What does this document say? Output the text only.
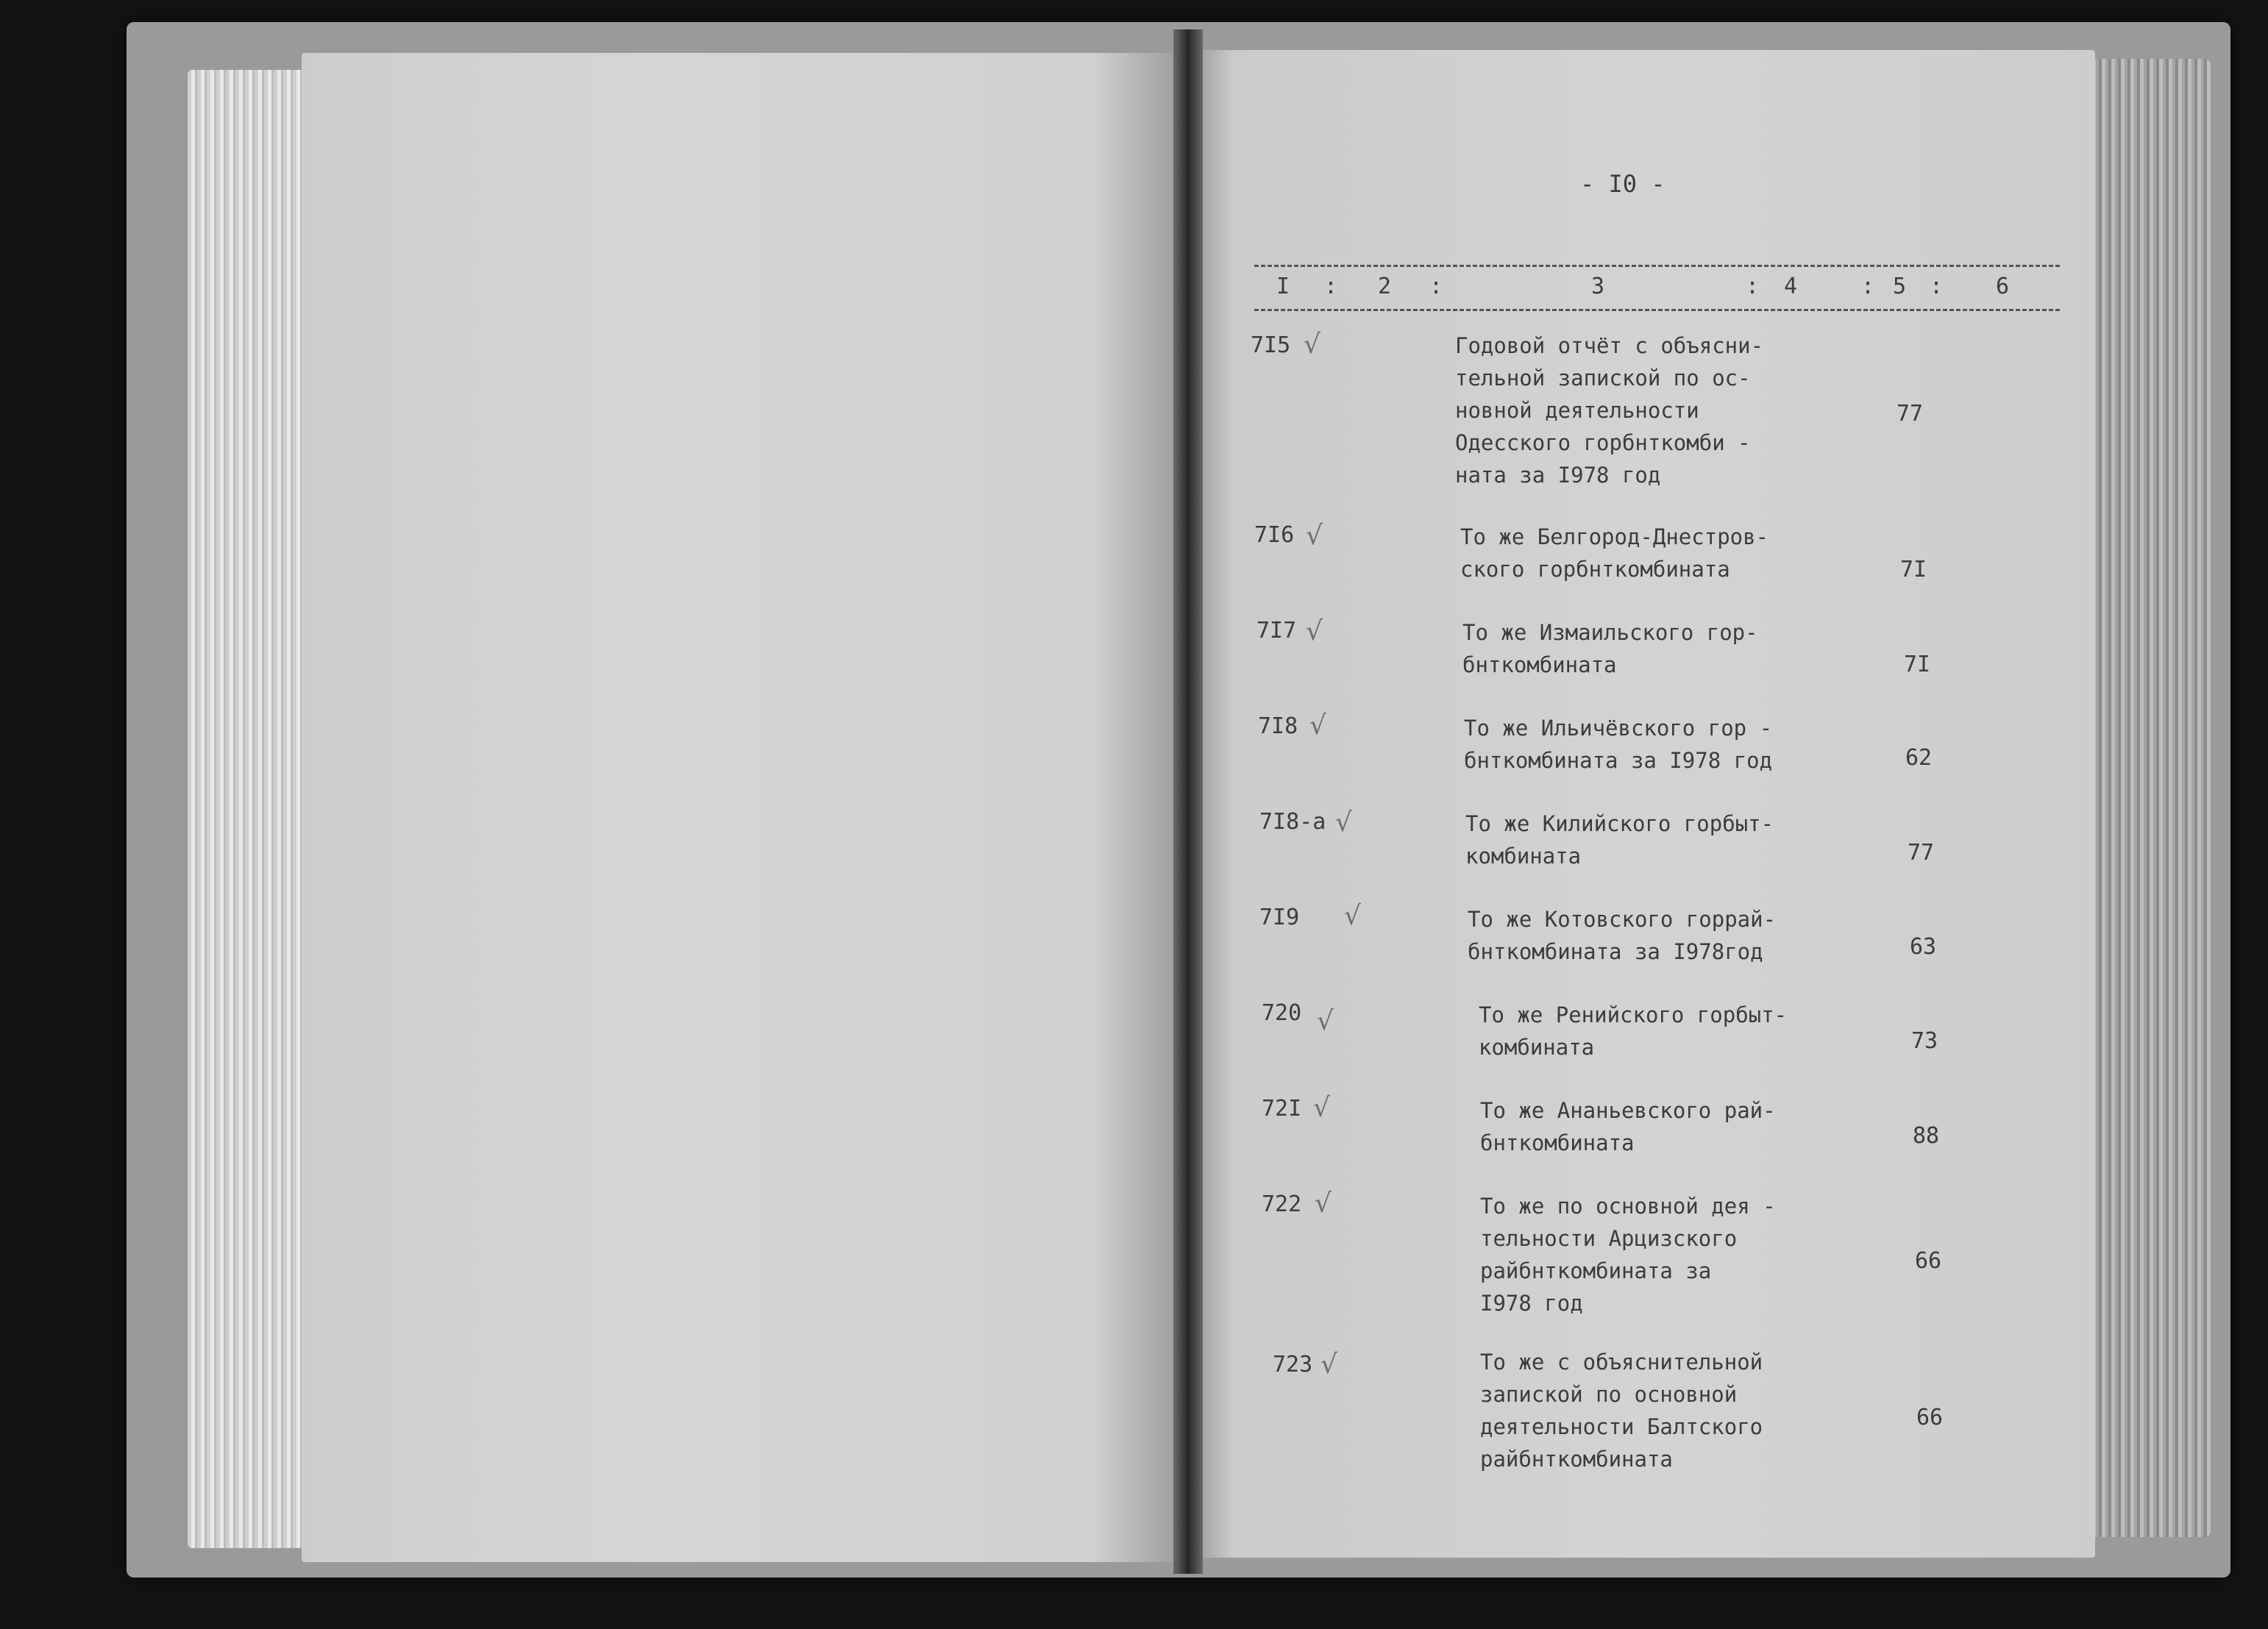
- I0 -
I	2	3	4	5	6
:	:	:	: :
7I5 √	Годовой отчёт с объясни-
тельной запиской по ос-
новной деятельности
Одесского горбнткомби -
ната за I978 год
77
7I6 √	То же Белгород-Днестров-
ского горбнткомбината	7I
7I7 √	То же Измаильского гор-
бнткомбината	7I
7I8 √	То же Ильичёвского гор -
бнткомбината за I978 год	62
7I8-а √	То же Килийского горбыт-
комбината	77
7I9 √	То же Котовского горрай-
бнткомбината за I978год	63
720 √	То же Ренийского горбыт-
комбината	73
72I √	То же Ананьевского рай-
бнткомбината	88
722 √	То же по основной дея -
тельности Арцизского
райбнткомбината за
I978 год
66
723 √	То же с объяснительной
запиской по основной
деятельности Балтского
райбнткомбината
66
